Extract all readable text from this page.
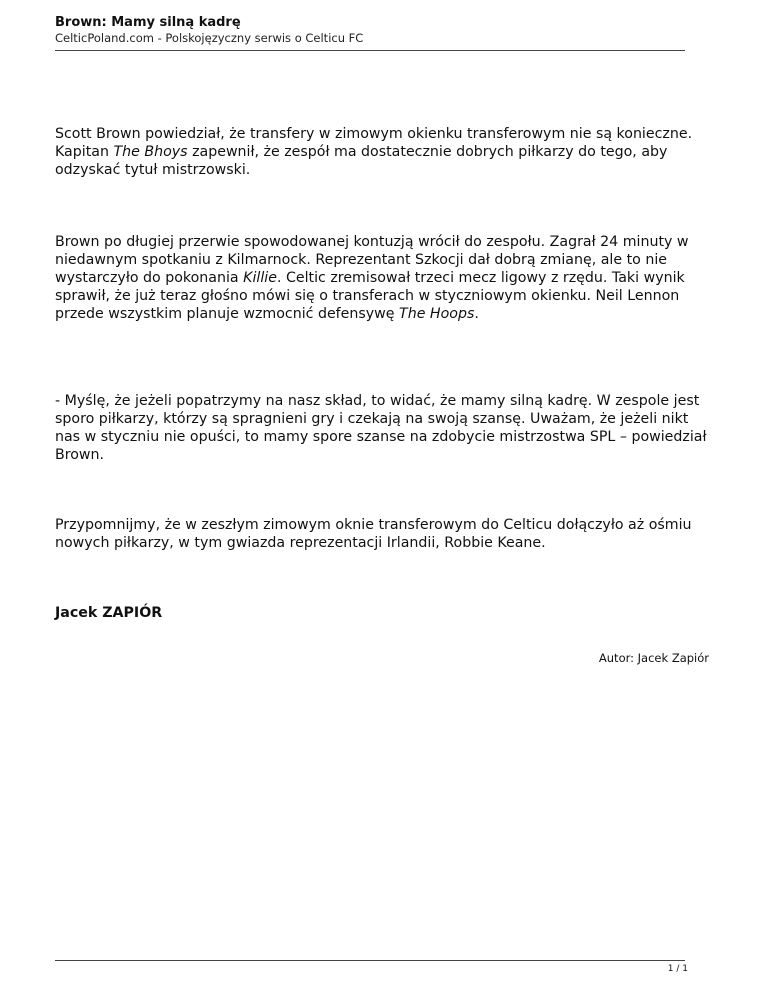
Brown: Mamy silną kadrę
CelticPoland.com - Polskojęzyczny serwis o Celticu FC

Scott Brown powiedział, że transfery w zimowym okienku transferowym nie są konieczne. Kapitan The Bhoys zapewnił, że zespół ma dostatecznie dobrych piłkarzy do tego, aby odzyskać tytuł mistrzowski.

Brown po długiej przerwie spowodowanej kontuzją wrócił do zespołu. Zagrał 24 minuty w niedawnym spotkaniu z Kilmarnock. Reprezentant Szkocji dał dobrą zmianę, ale to nie wystarczyło do pokonania Killie. Celtic zremisował trzeci mecz ligowy z rzędu. Taki wynik sprawił, że już teraz głośno mówi się o transferach w styczniowym okienku. Neil Lennon przede wszystkim planuje wzmocnić defensywę The Hoops.

- Myślę, że jeżeli popatrzymy na nasz skład, to widać, że mamy silną kadrę. W zespole jest sporo piłkarzy, którzy są spragnieni gry i czekają na swoją szansę. Uważam, że jeżeli nikt nas w styczniu nie opuści, to mamy spore szanse na zdobycie mistrzostwa SPL – powiedział Brown.

Przypomnijmy, że w zeszłym zimowym oknie transferowym do Celticu dołączyło aż ośmiu nowych piłkarzy, w tym gwiazda reprezentacji Irlandii, Robbie Keane.

Jacek ZAPIÓR

Autor: Jacek Zapiór

1 / 1
